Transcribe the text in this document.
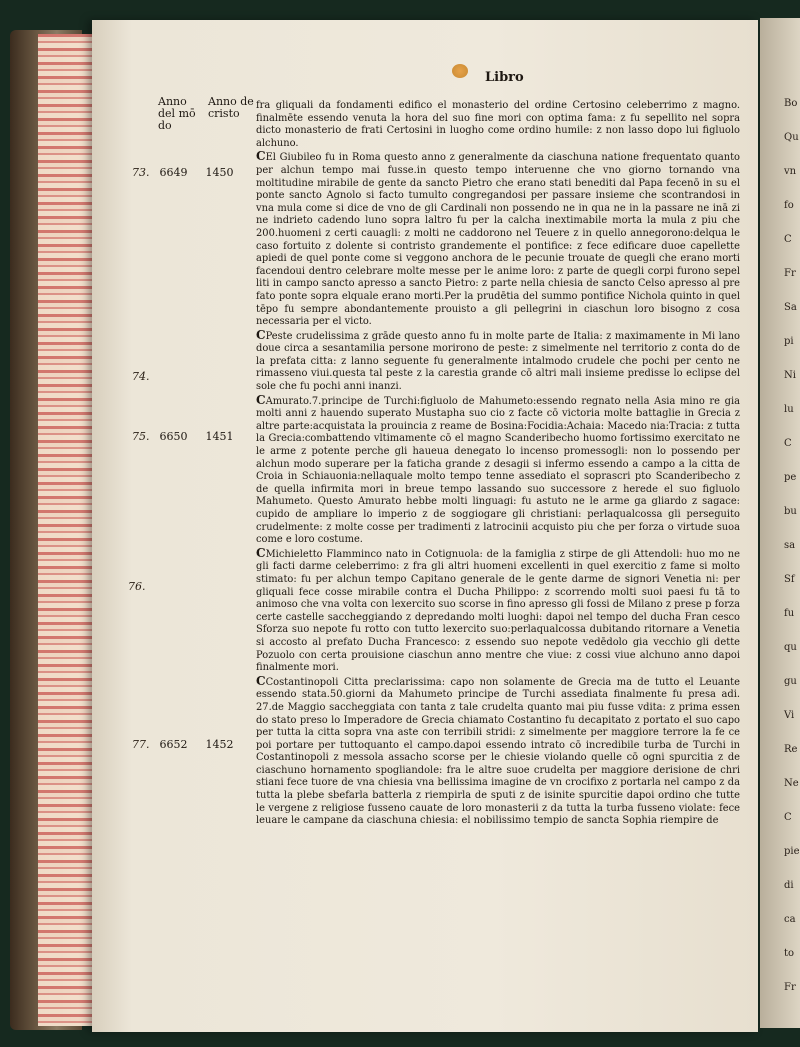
Bo
Qu
vn
fo
C
Fr
Sa
pi
Ni
lu
C
pe
bu
sa
Sf
fu
qu
gu
Vi
Re
Ne
C
pie
di
ca
to
Fr
Libro
Anno del mō do
Anno de cristo

fra gliquali da fondamenti edifico el monasterio del ordine Certosino celeberrimo z magno. finalmēte essendo venuta la hora del suo fine mori con optima fama: z fu sepellito nel sopra dicto monasterio de frati Certosini in luogho come ordino humile: z non lasso dopo lui figluolo alchuno.

CEl Giubileo fu in Roma questo anno z generalmente da ciaschuna natione frequentato quanto per alchun tempo mai fusse.in questo tempo interuenne che vno giorno tornando vna moltitudine mirabile de gente da sancto Pietro che erano stati benediti dal Papa fecenō in su el ponte sancto Agnolo si facto tumulto congregandosi per passare insieme che scontrandosi in vna mula come si dice de vno de gli Cardinali non possendo ne in qua ne in la passare ne inā zi ne indrieto cadendo luno sopra laltro fu per la calcha inextimabile morta la mula z piu che 200.huomeni z certi cauagli: z molti ne caddorono nel Teuere z in quello annegorono:delqua le caso fortuito z dolente si contristo grandemente el pontifice: z fece edificare duoe capellette apiedi de quel ponte come si veggono anchora de le pecunie trouate de quegli che erano morti facendoui dentro celebrare molte messe per le anime loro: z parte de quegli corpi furono sepel liti in campo sancto apresso a sancto Pietro: z parte nella chiesia de sancto Celso apresso al pre fato ponte sopra elquale erano morti.Per la prudētia del summo pontifice Nichola quinto in quel tēpo fu sempre abondantemente prouisto a gli pellegrini in ciaschun loro bisogno z cosa necessaria per el victo.

CPeste crudelissima z grāde questo anno fu in molte parte de Italia: z maximamente in Mi lano doue circa a sesantamilia persone morirono de peste: z simelmente nel territorio z conta do de la prefata citta: z lanno seguente fu generalmente intalmodo crudele che pochi per cento ne rimasseno viui.questa tal peste z la carestia grande cō altri mali insieme predisse lo eclipse del sole che fu pochi anni inanzi.

CAmurato.7.principe de Turchi:figluolo de Mahumeto:essendo regnato nella Asia mino re gia molti anni z hauendo superato Mustapha suo cio z facte cō victoria molte battaglie in Grecia z altre parte:acquistata la prouincia z reame de Bosina:Focidia:Achaia: Macedo nia:Tracia: z tutta la Grecia:combattendo vltimamente cō el magno Scanderibecho huomo fortissimo exercitato ne le arme z potente perche gli haueua denegato lo incenso promessogli: non lo possendo per alchun modo superare per la faticha grande z desagii si infermo essendo a campo a la citta de Croia in Schiauonia:nellaquale molto tempo tenne assediato el soprascri pto Scanderibecho z de quella infirmita mori in breue tempo lassando suo successore z herede el suo figluolo Mahumeto. Questo Amurato hebbe molti linguagi: fu astuto ne le arme ga gliardo z sagace: cupido de ampliare lo imperio z de soggiogare gli christiani: perlaqualcossa gli perseguito crudelmente: z molte cosse per tradimenti z latrocinii acquisto piu che per forza o virtude suoa come e loro costume.

CMichieletto Flamminco nato in Cotignuola: de la famiglia z stirpe de gli Attendoli: huo mo ne gli facti darme celeberrimo: z fra gli altri huomeni excellenti in quel exercitio z fame si molto stimato: fu per alchun tempo Capitano generale de le gente darme de signori Venetia ni: per gliquali fece cosse mirabile contra el Ducha Philippo: z scorrendo molti suoi paesi fu tā to animoso che vna volta con lexercito suo scorse in fino apresso gli fossi de Milano z prese p forza certe castelle saccheggiando z depredando molti luoghi: dapoi nel tempo del ducha Fran cesco Sforza suo nepote fu rotto con tutto lexercito suo:perlaqualcossa dubitando ritornare a Venetia si accosto al prefato Ducha Francesco: z essendo suo nepote vedēdolo gia vecchio gli dette Pozuolo con certa prouisione ciaschun anno mentre che viue: z cossi viue alchuno anno dapoi finalmente mori.

CCostantinopoli Citta preclarissima: capo non solamente de Grecia ma de tutto el Leuante essendo stata.50.giorni da Mahumeto principe de Turchi assediata finalmente fu presa adi. 27.de Maggio saccheggiata con tanta z tale crudelta quanto mai piu fusse vdita: z prima essen do stato preso lo Imperadore de Grecia chiamato Costantino fu decapitato z portato el suo capo per tutta la citta sopra vna aste con terribili stridi: z simelmente per maggiore terrore la fe ce poi portare per tuttoquanto el campo.dapoi essendo intrato cō incredibile turba de Turchi in Costantinopoli z messola assacho scorse per le chiesie violando quelle cō ogni spurcitia z de ciaschuno hornamento spogliandole: fra le altre suoe crudelta per maggiore derisione de chri stiani fece tuore de vna chiesia vna bellissima imagine de vn crocifixo z portarla nel campo z da tutta la plebe sbefarla batterla z riempirla de sputi z de isinite spurcitie dapoi ordino che tutte le vergene z religiose fusseno cauate de loro monasterii z da tutta la turba fusseno violate: fece leuare le campane da ciaschuna chiesia: el nobilissimo tempio de sancta Sophia riempire de

73. 6649 1450
74.
75. 6650 1451
76.
77. 6652 1452
